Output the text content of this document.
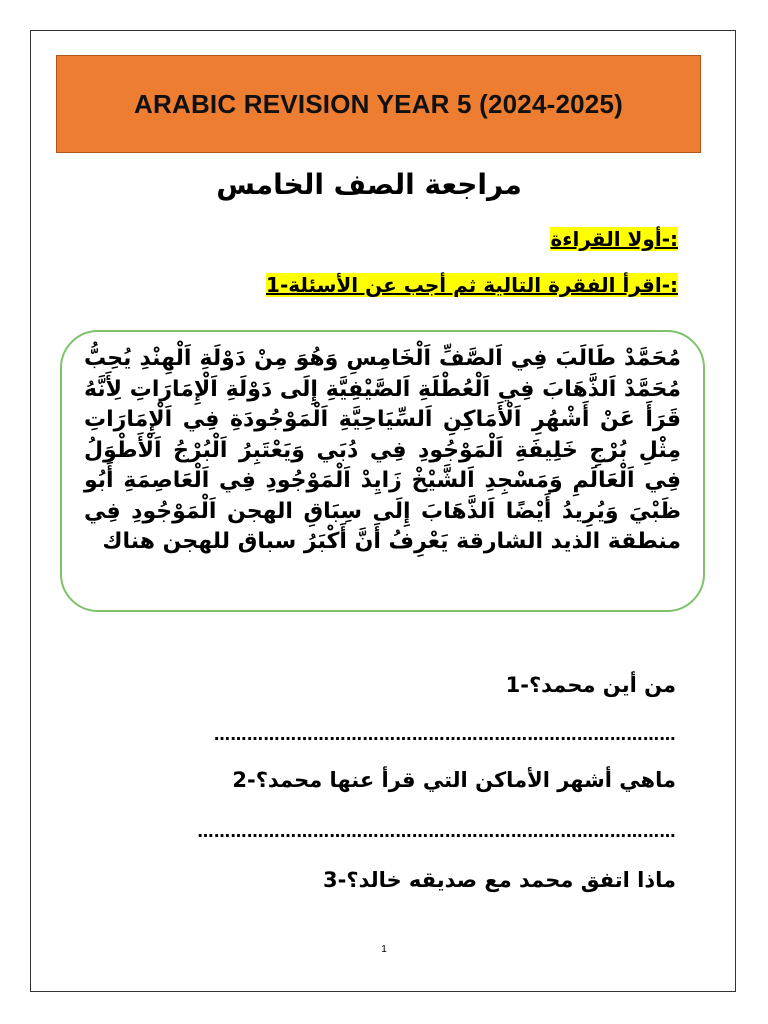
ARABIC REVISION YEAR 5 (2024-2025)
مراجعة الصف الخامس
:-أولا القراءة
:-اقرأ الفقرة التالية ثم أجب عن الأسئلة-1
مُحَمَّدْ طَالَبَ فِي اَلصَّفِّ اَلْخَامِسِ وَهُوَ مِنْ دَوْلَةِ اَلْهِنْدِ يُحِبُّ مُحَمَّدْ اَلذَّهَابَ فِي اَلْعُطْلَةِ اَلصَّيْفِيَّةِ إِلَى دَوْلَةِ اَلْإِمَارَاتِ لِأَنَّهُ قَرَأَ عَنْ أَشْهُرِ اَلْأَمَاكِنِ اَلسِّيَاحِيَّةِ اَلْمَوْجُودَةِ فِي اَلْإِمَارَاتِ مِثْلِ بُرْجِ خَلِيفَةِ اَلْمَوْجُودِ فِي دُبَي وَيَعْتَبِرُ اَلْبُرْجُ اَلْأَطْوَلُ فِي اَلْعَالَمِ وَمَسْجِدِ اَلشَّيْخْ زَايِدْ اَلْمَوْجُودِ فِي اَلْعَاصِمَةِ أَبُو ظَبْيَ وَيُرِيدُ أَيْضًا اَلذَّهَابَ إِلَى سِبَاقِ الهجن اَلْمَوْجُودِ فِي منطقة الذيد الشارقة يَعْرِفُ أَنَّ أَكْبَرُ سباق للهجن هناك
من أين محمد؟-1
…………………………………………………………………………
ماهي أشهر الأماكن التي قرأ عنها محمد؟-2
……………………………………………………………………………
ماذا اتفق محمد مع صديقه خالد؟-3
1
